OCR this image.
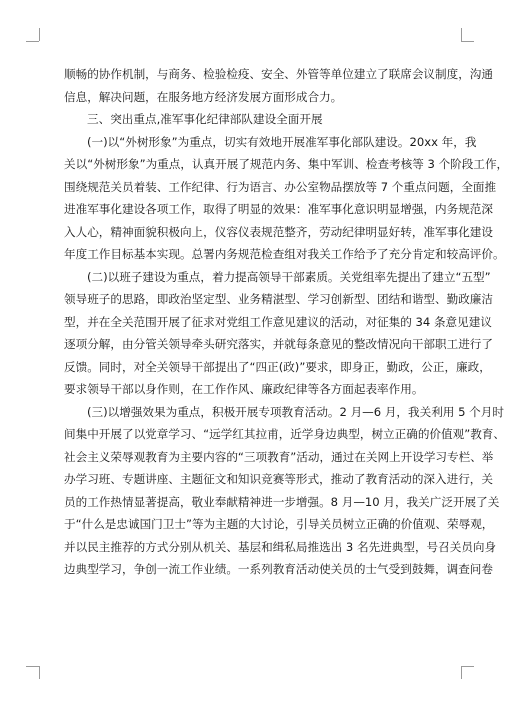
顺畅的协作机制，与商务、检验检疫、安全、外管等单位建立了联席会议制度，沟通
信息，解决问题，在服务地方经济发展方面形成合力。
三、突出重点,准军事化纪律部队建设全面开展
(一)以“外树形象”为重点，切实有效地开展准军事化部队建设。20xx 年，我
关以“外树形象”为重点，认真开展了规范内务、集中军训、检查考核等 3 个阶段工作，
围绕规范关员着装、工作纪律、行为语言、办公室物品摆放等 7 个重点问题，全面推
进准军事化建设各项工作，取得了明显的效果：准军事化意识明显增强，内务规范深
入人心，精神面貌积极向上，仪容仪表规范整齐，劳动纪律明显好转，准军事化建设
年度工作目标基本实现。总署内务规范检查组对我关工作给予了充分肯定和较高评价。
(二)以班子建设为重点，着力提高领导干部素质。关党组率先提出了建立“五型”
领导班子的思路，即政治坚定型、业务精湛型、学习创新型、团结和谐型、勤政廉洁
型，并在全关范围开展了征求对党组工作意见建议的活动，对征集的 34 条意见建议
逐项分解，由分管关领导牵头研究落实，并就每条意见的整改情况向干部职工进行了
反馈。同时，对全关领导干部提出了“四正(政)”要求，即身正，勤政，公正，廉政，
要求领导干部以身作则，在工作作风、廉政纪律等各方面起表率作用。
(三)以增强效果为重点，积极开展专项教育活动。2 月—6 月，我关利用 5 个月时
间集中开展了以党章学习、“远学红其拉甫，近学身边典型，树立正确的价值观”教育、
社会主义荣辱观教育为主要内容的“三项教育”活动，通过在关网上开设学习专栏、举
办学习班、专题讲座、主题征文和知识竞赛等形式，推动了教育活动的深入进行，关
员的工作热情显著提高，敬业奉献精神进一步增强。8 月—10 月，我关广泛开展了关
于“什么是忠诚国门卫士”等为主题的大讨论，引导关员树立正确的价值观、荣辱观，
并以民主推荐的方式分别从机关、基层和缉私局推选出 3 名先进典型，号召关员向身
边典型学习，争创一流工作业绩。一系列教育活动使关员的士气受到鼓舞，调查问卷
